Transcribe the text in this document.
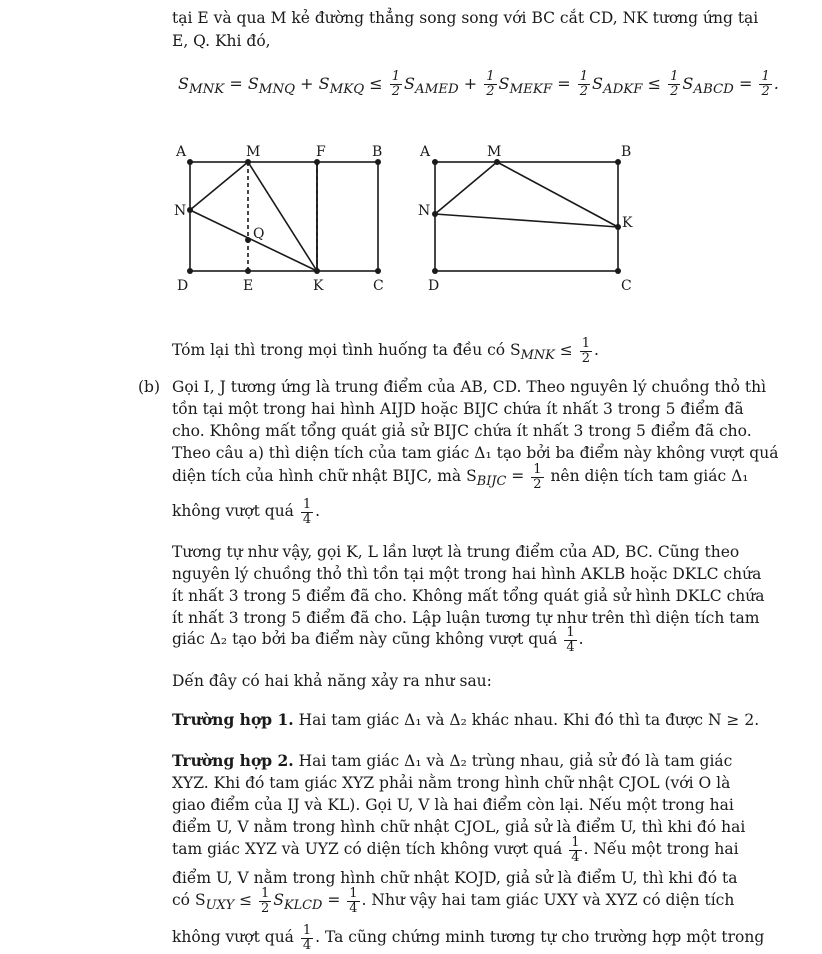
tại E và qua M kẻ đường thẳng song song với BC cắt CD, NK tương ứng tại
E, Q. Khi đó,
$S_{MNK} = S_{MNQ} + S_{MKQ} \le \frac{1}{2} S_{AMED} + \frac{1}{2} S_{MEKF} = \frac{1}{2} S_{ADKF} \le \frac{1}{2} S_{ABCD} = \frac{1}{2}$ .
A	M	F	B
N
Q
D	E	K	C
A	M	B
N
K
D	C
Tóm lại thì trong mọi tình huống ta đều có $S_{MNK} \le \frac{1}{2}$ .
(b) Gọi I, J tương ứng là trung điểm của AB, CD. Theo nguyên lý chuồng thỏ thì
tồn tại một trong hai hình AIJD hoặc BIJC chứa ít nhất 3 trong 5 điểm đã
cho. Không mất tổng quát giả sử BIJC chứa ít nhất 3 trong 5 điểm đã cho.
Theo câu a) thì diện tích của tam giác Δ₁ tạo bởi ba điểm này không vượt quá
diện tích của hình chữ nhật BIJC, mà $S_{BIJC} = \frac{1}{2}$ nên diện tích tam giác Δ₁
không vượt quá $\frac{1}{4}$ .
Tương tự như vậy, gọi K, L lần lượt là trung điểm của AD, BC. Cũng theo
nguyên lý chuồng thỏ thì tồn tại một trong hai hình AKLB hoặc DKLC chứa
ít nhất 3 trong 5 điểm đã cho. Không mất tổng quát giả sử hình DKLC chứa
ít nhất 3 trong 5 điểm đã cho. Lập luận tương tự như trên thì diện tích tam
giác Δ₂ tạo bởi ba điểm này cũng không vượt quá $\frac{1}{4}$ .
Dến đây có hai khả năng xảy ra như sau:
Trường hợp 1. Hai tam giác Δ₁ và Δ₂ khác nhau. Khi đó thì ta được N ≥ 2.
Trường hợp 2. Hai tam giác Δ₁ và Δ₂ trùng nhau, giả sử đó là tam giác
XYZ. Khi đó tam giác XYZ phải nằm trong hình chữ nhật CJOL (với O là
giao điểm của IJ và KL). Gọi U, V là hai điểm còn lại. Nếu một trong hai
điểm U, V nằm trong hình chữ nhật CJOL, giả sử là điểm U, thì khi đó hai
tam giác XYZ và UYZ có diện tích không vượt quá $\frac{1}{4}$ . Nếu một trong hai
điểm U, V nằm trong hình chữ nhật KOJD, giả sử là điểm U, thì khi đó ta
có $S_{UXY} \le \frac{1}{2} S_{KLCD} = \frac{1}{4}$ . Như vậy hai tam giác UXY và XYZ có diện tích
không vượt quá $\frac{1}{4}$ . Ta cũng chứng minh tương tự cho trường hợp một trong
